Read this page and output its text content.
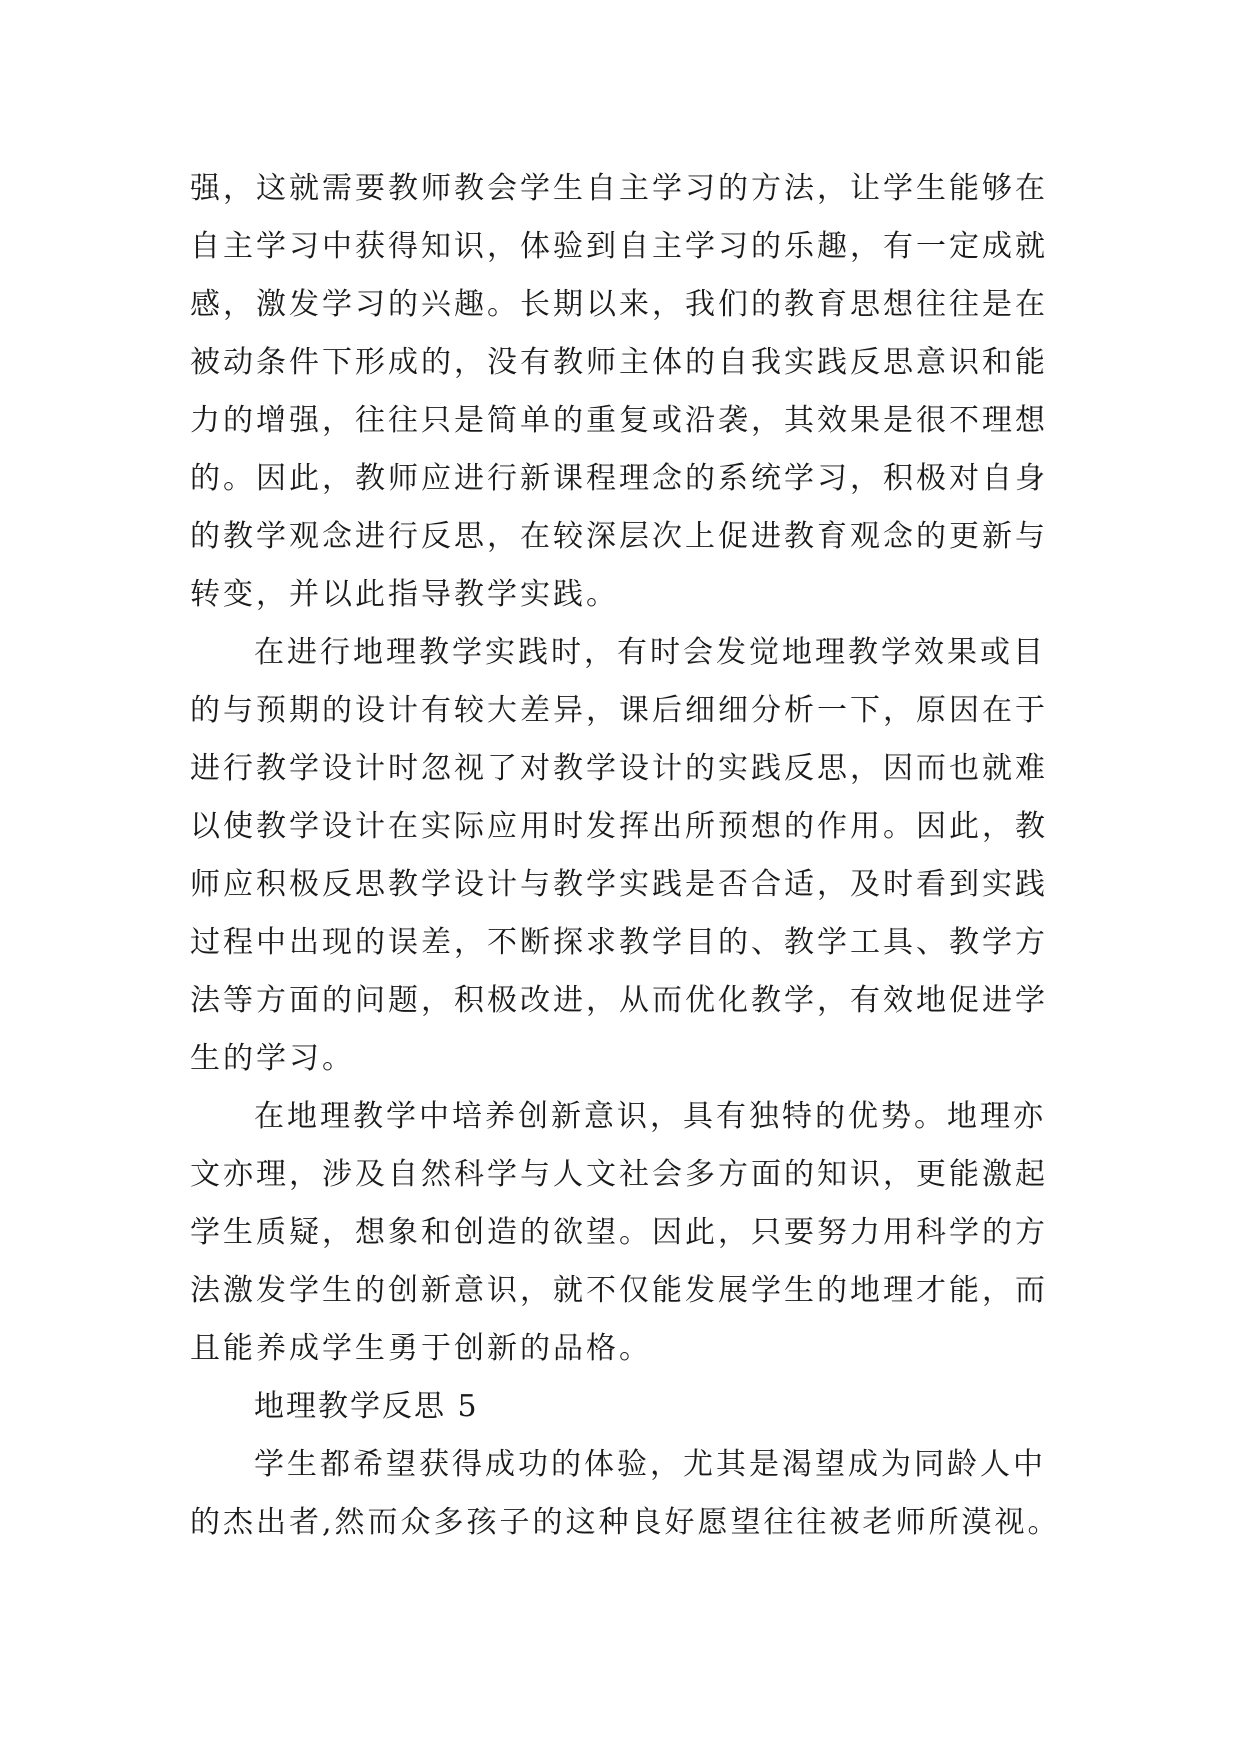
强，这就需要教师教会学生自主学习的方法，让学生能够在
自主学习中获得知识，体验到自主学习的乐趣，有一定成就
感，激发学习的兴趣。长期以来，我们的教育思想往往是在
被动条件下形成的，没有教师主体的自我实践反思意识和能
力的增强，往往只是简单的重复或沿袭，其效果是很不理想
的。因此，教师应进行新课程理念的系统学习，积极对自身
的教学观念进行反思，在较深层次上促进教育观念的更新与
转变，并以此指导教学实践。
在进行地理教学实践时，有时会发觉地理教学效果或目
的与预期的设计有较大差异，课后细细分析一下，原因在于
进行教学设计时忽视了对教学设计的实践反思，因而也就难
以使教学设计在实际应用时发挥出所预想的作用。因此，教
师应积极反思教学设计与教学实践是否合适，及时看到实践
过程中出现的误差，不断探求教学目的、教学工具、教学方
法等方面的问题，积极改进，从而优化教学，有效地促进学
生的学习。
在地理教学中培养创新意识，具有独特的优势。地理亦
文亦理，涉及自然科学与人文社会多方面的知识，更能激起
学生质疑，想象和创造的欲望。因此，只要努力用科学的方
法激发学生的创新意识，就不仅能发展学生的地理才能，而
且能养成学生勇于创新的品格。
地理教学反思 5
学生都希望获得成功的体验，尤其是渴望成为同龄人中
的杰出者,然而众多孩子的这种良好愿望往往被老师所漠视。
